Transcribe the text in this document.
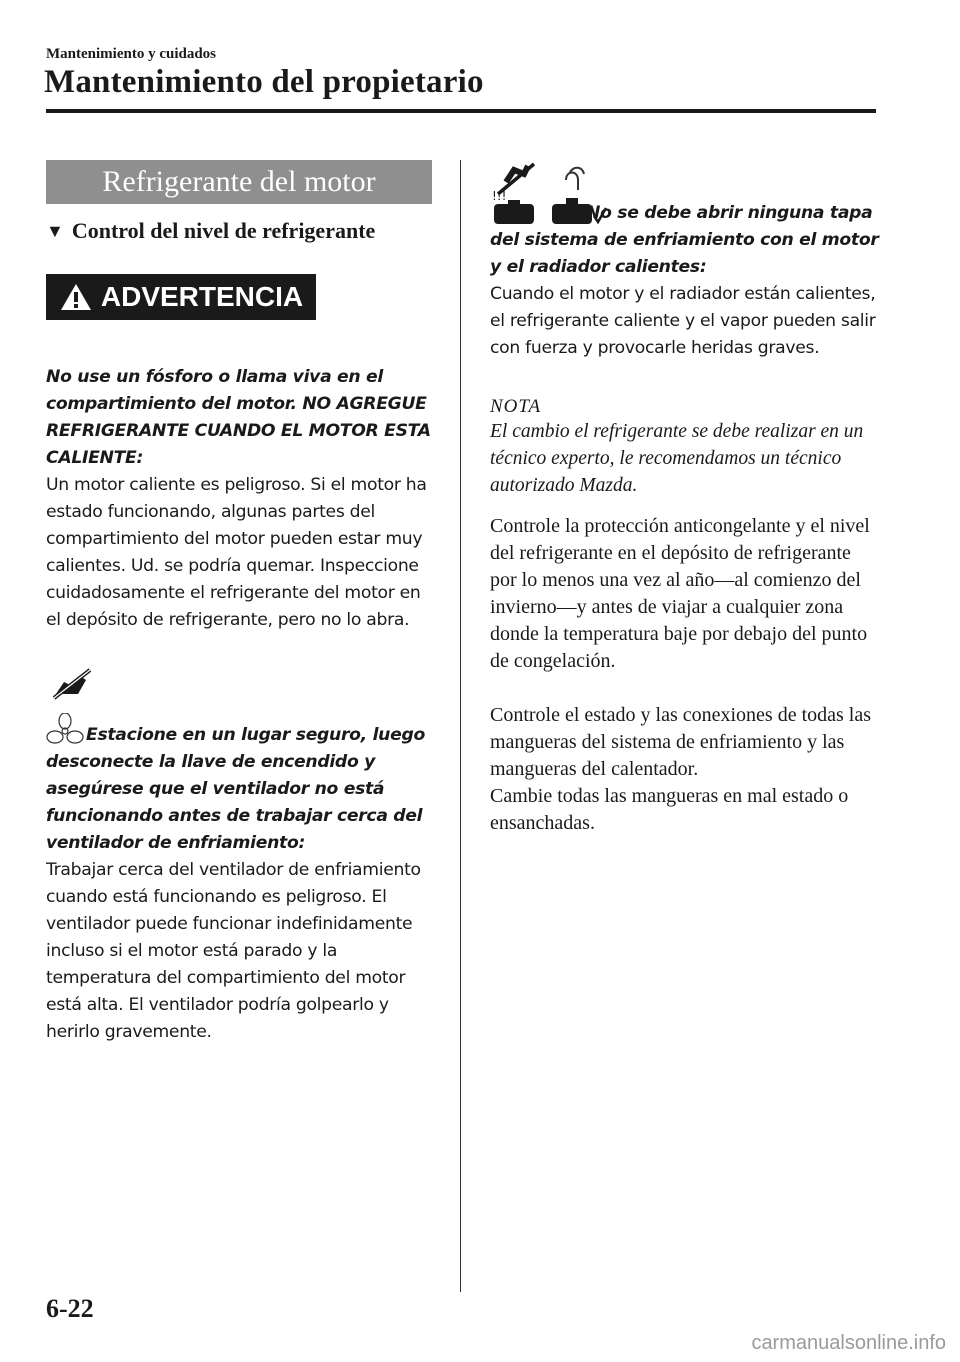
Mantenimiento y cuidados
Mantenimiento del propietario
Refrigerante del motor
▼ Control del nivel de refrigerante
ADVERTENCIA
No use un fósforo o llama viva en el compartimiento del motor. NO AGREGUE REFRIGERANTE CUANDO EL MOTOR ESTA CALIENTE:
Un motor caliente es peligroso. Si el motor ha estado funcionando, algunas partes del compartimiento del motor pueden estar muy calientes. Ud. se podría quemar. Inspeccione cuidadosamente el refrigerante del motor en el depósito de refrigerante, pero no lo abra.
Estacione en un lugar seguro, luego desconecte la llave de encendido y asegúrese que el ventilador no está funcionando antes de trabajar cerca del ventilador de enfriamiento:
Trabajar cerca del ventilador de enfriamiento cuando está funcionando es peligroso. El ventilador puede funcionar indefinidamente incluso si el motor está parado y la temperatura del compartimiento del motor está alta. El ventilador podría golpearlo y herirlo gravemente.
!!!
No se debe abrir ninguna tapa del sistema de enfriamiento con el motor y el radiador calientes:
Cuando el motor y el radiador están calientes, el refrigerante caliente y el vapor pueden salir con fuerza y provocarle heridas graves.
NOTA
El cambio el refrigerante se debe realizar en un técnico experto, le recomendamos un técnico autorizado Mazda.
Controle la protección anticongelante y el nivel del refrigerante en el depósito de refrigerante por lo menos una vez al año—al comienzo del invierno—y antes de viajar a cualquier zona donde la temperatura baje por debajo del punto de congelación.
Controle el estado y las conexiones de todas las mangueras del sistema de enfriamiento y las mangueras del calentador.
Cambie todas las mangueras en mal estado o ensanchadas.
6-22
carmanualsonline.info
